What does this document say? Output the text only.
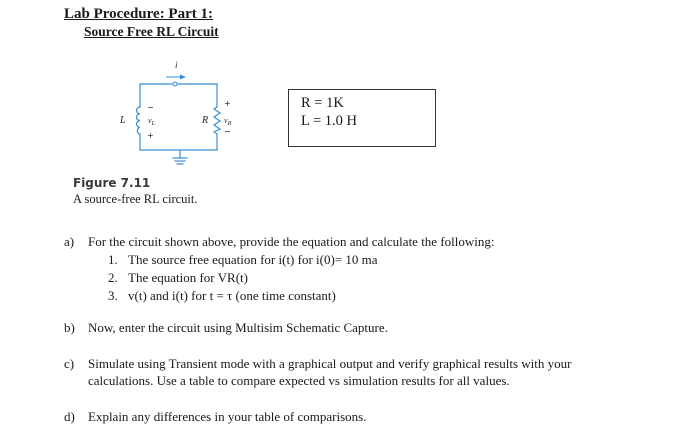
Lab Procedure: Part 1:
Source Free RL Circuit
i
L	$v_L$	R $v_R$
−
+
+
−
Figure 7.11
A source-free RL circuit.
R = 1K
L = 1.0 H
a) For the circuit shown above, provide the equation and calculate the following:
1. The source free equation for i(t) for i(0)= 10 ma
2. The equation for VR(t)
3. v(t) and i(t) for t = τ (one time constant)
b) Now, enter the circuit using Multisim Schematic Capture.
c) Simulate using Transient mode with a graphical output and verify graphical results with your
calculations. Use a table to compare expected vs simulation results for all values.
d) Explain any differences in your table of comparisons.
